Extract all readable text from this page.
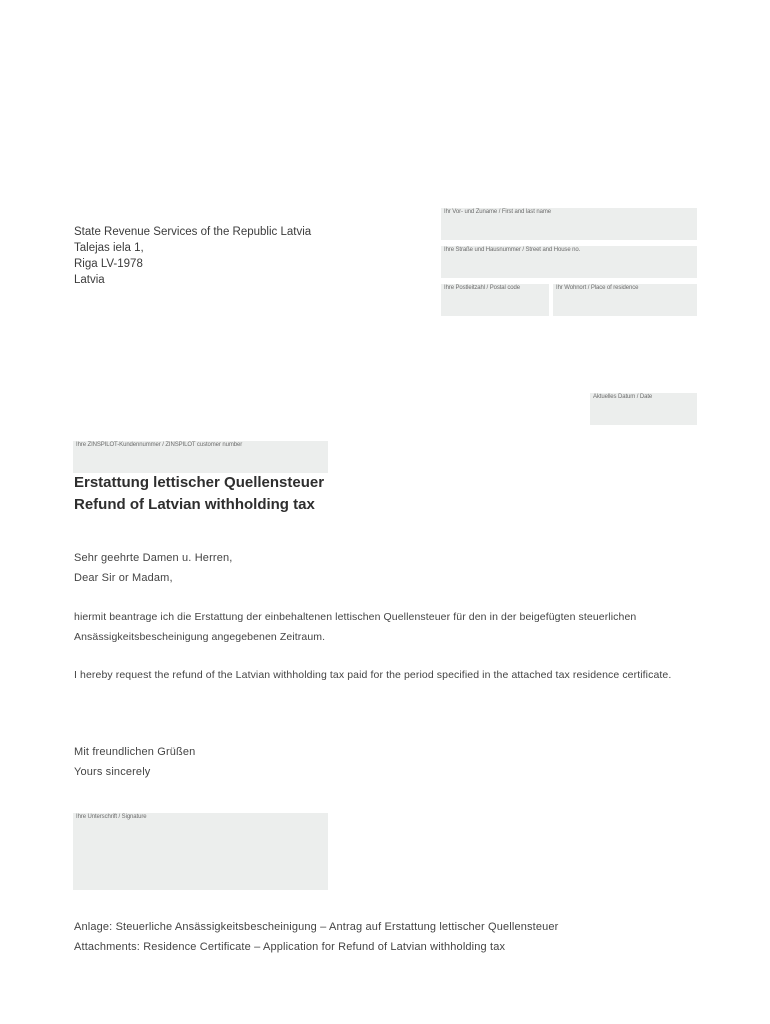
Ihr Vor- und Zuname / First and last name
Ihre Straße und Hausnummer / Street and House no.
Ihre Postleitzahl / Postal code	Ihr Wohnort / Place of residence
State Revenue Services of the Republic Latvia
Talejas iela 1,
Riga LV-1978
Latvia
Aktuelles Datum / Date
Ihre ZINSPILOT-Kundennummer / ZINSPILOT customer number
Erstattung lettischer Quellensteuer
Refund of Latvian withholding tax
Sehr geehrte Damen u. Herren,
Dear Sir or Madam,
hiermit beantrage ich die Erstattung der einbehaltenen lettischen Quellensteuer für den in der beigefügten steuerlichen Ansässigkeitsbescheinigung angegebenen Zeitraum.
I hereby request the refund of the Latvian withholding tax paid for the period specified in the attached tax residence certificate.
Mit freundlichen Grüßen
Yours sincerely
Ihre Unterschrift / Signature
Anlage: Steuerliche Ansässigkeitsbescheinigung – Antrag auf Erstattung lettischer Quellensteuer
Attachments: Residence Certificate – Application for Refund of Latvian withholding tax
